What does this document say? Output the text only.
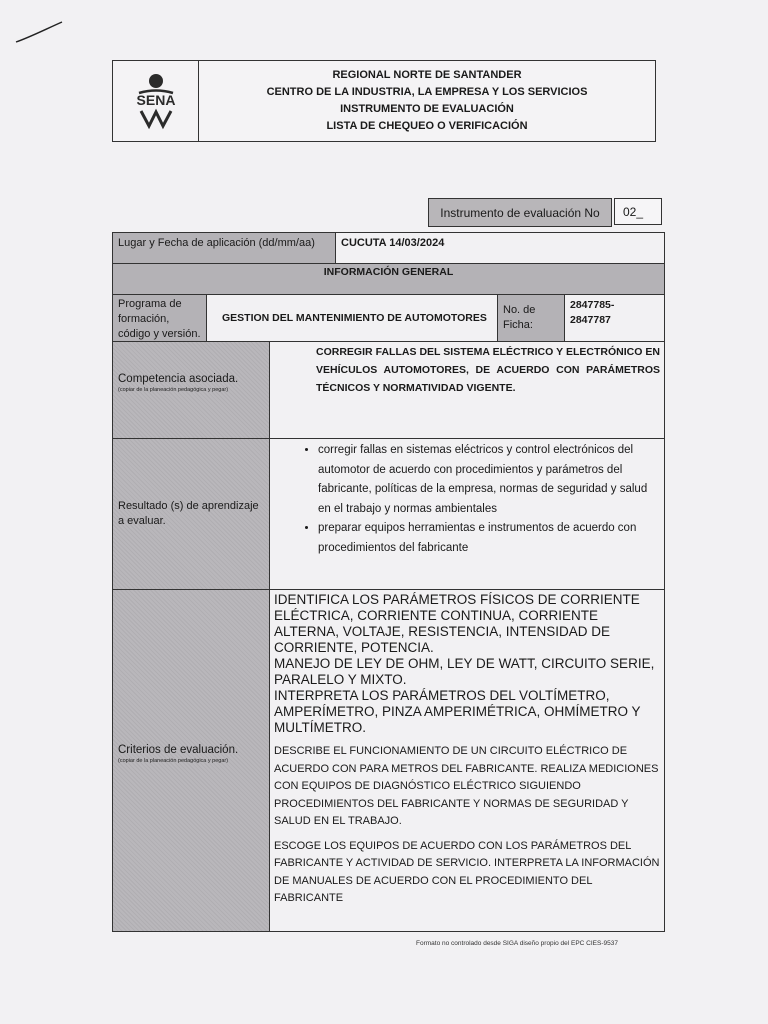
SENA
REGIONAL NORTE DE SANTANDER
CENTRO DE LA INDUSTRIA, LA EMPRESA Y LOS SERVICIOS
INSTRUMENTO DE EVALUACIÓN
LISTA DE CHEQUEO O VERIFICACIÓN
Instrumento de evaluación No	02_
Lugar y Fecha de aplicación (dd/mm/aa)	CUCUTA 14/03/2024
INFORMACIÓN GENERAL
Programa de formación, código y versión.
GESTION DEL MANTENIMIENTO DE AUTOMOTORES
No. de Ficha:
2847785-
2847787
Competencia asociada.
(copiar de la planeación pedagógica y pegar)
CORREGIR FALLAS DEL SISTEMA ELÉCTRICO Y ELECTRÓNICO EN VEHÍCULOS AUTOMOTORES, DE ACUERDO CON PARÁMETROS TÉCNICOS Y NORMATIVIDAD VIGENTE.
Resultado (s) de aprendizaje a evaluar.
• corregir fallas en sistemas eléctricos y control electrónicos del automotor de acuerdo con procedimientos y parámetros del fabricante, políticas de la empresa, normas de seguridad y salud en el trabajo y normas ambientales
• preparar equipos herramientas e instrumentos de acuerdo con procedimientos del fabricante
Criterios de evaluación.
(copiar de la planeación pedagógica y pegar)

IDENTIFICA LOS PARÁMETROS FÍSICOS DE CORRIENTE ELÉCTRICA, CORRIENTE CONTINUA, CORRIENTE ALTERNA, VOLTAJE, RESISTENCIA, INTENSIDAD DE CORRIENTE, POTENCIA.

MANEJO DE LEY DE OHM, LEY DE WATT, CIRCUITO SERIE, PARALELO Y MIXTO.

INTERPRETA LOS PARÁMETROS DEL VOLTÍMETRO, AMPERÍMETRO, PINZA AMPERIMÉTRICA, OHMÍMETRO Y MULTÍMETRO.

DESCRIBE EL FUNCIONAMIENTO DE UN CIRCUITO ELÉCTRICO DE ACUERDO CON PARA METROS DEL FABRICANTE. REALIZA MEDICIONES CON EQUIPOS DE DIAGNÓSTICO ELÉCTRICO SIGUIENDO PROCEDIMIENTOS DEL FABRICANTE Y NORMAS DE SEGURIDAD Y SALUD EN EL TRABAJO.

ESCOGE LOS EQUIPOS DE ACUERDO CON LOS PARÁMETROS DEL FABRICANTE Y ACTIVIDAD DE SERVICIO. INTERPRETA LA INFORMACIÓN DE MANUALES DE ACUERDO CON EL PROCEDIMIENTO DEL FABRICANTE

Formato no controlado desde SIGA diseño propio del EPC CIES-9537
